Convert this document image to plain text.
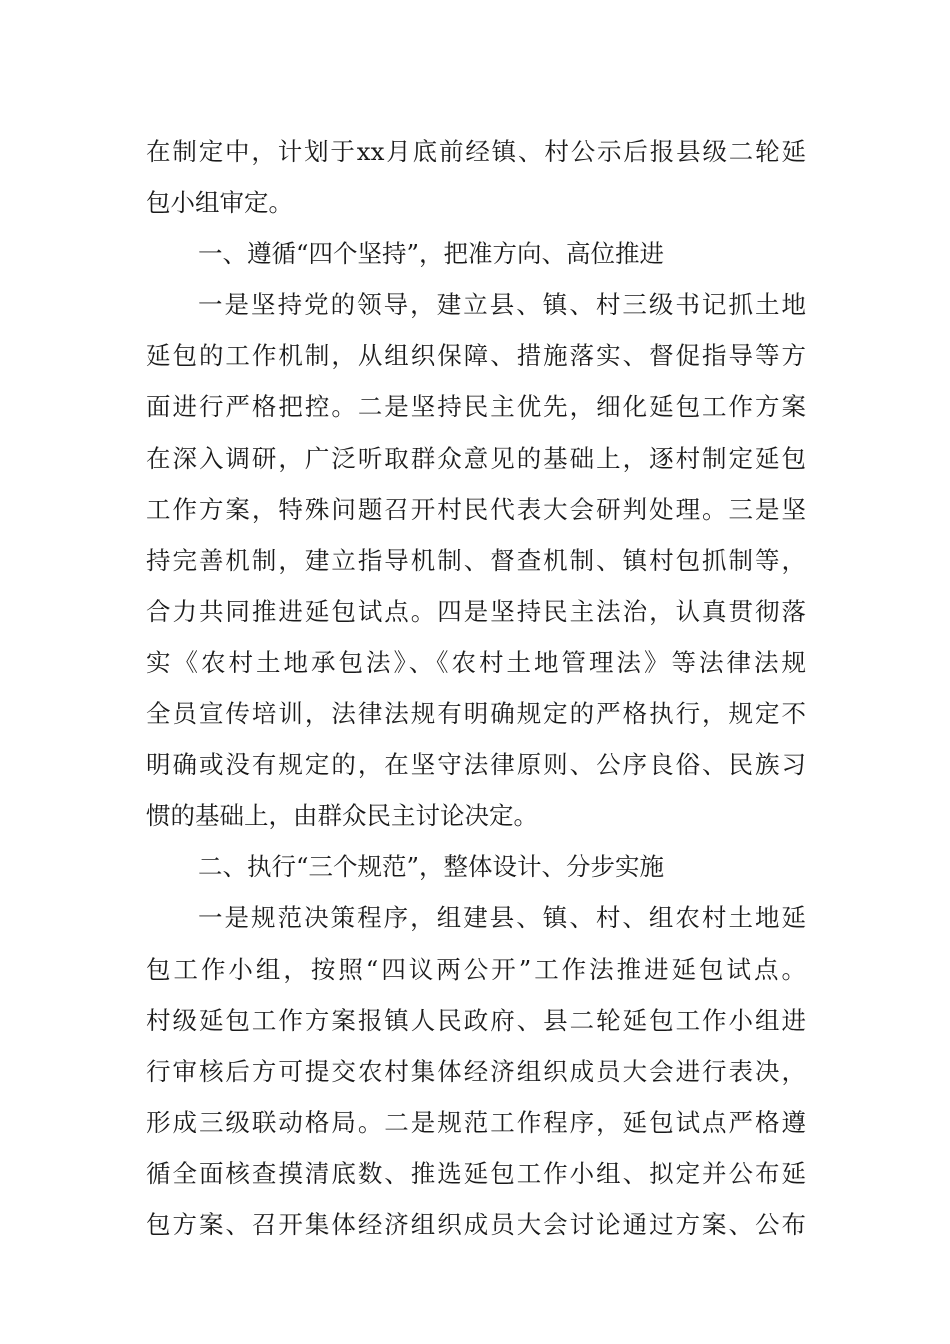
在制定中，计划于xx月底前经镇、村公示后报县级二轮延
包小组审定。
一、遵循“四个坚持”，把准方向、高位推进
一是坚持党的领导，建立县、镇、村三级书记抓土地
延包的工作机制，从组织保障、措施落实、督促指导等方
面进行严格把控。二是坚持民主优先，细化延包工作方案
在深入调研，广泛听取群众意见的基础上，逐村制定延包
工作方案，特殊问题召开村民代表大会研判处理。三是坚
持完善机制，建立指导机制、督查机制、镇村包抓制等，
合力共同推进延包试点。四是坚持民主法治，认真贯彻落
实《农村土地承包法》、《农村土地管理法》等法律法规
全员宣传培训，法律法规有明确规定的严格执行，规定不
明确或没有规定的，在坚守法律原则、公序良俗、民族习
惯的基础上，由群众民主讨论决定。
二、执行“三个规范”，整体设计、分步实施
一是规范决策程序，组建县、镇、村、组农村土地延
包工作小组，按照“四议两公开”工作法推进延包试点。
村级延包工作方案报镇人民政府、县二轮延包工作小组进
行审核后方可提交农村集体经济组织成员大会进行表决，
形成三级联动格局。二是规范工作程序，延包试点严格遵
循全面核查摸清底数、推选延包工作小组、拟定并公布延
包方案、召开集体经济组织成员大会讨论通过方案、公布
